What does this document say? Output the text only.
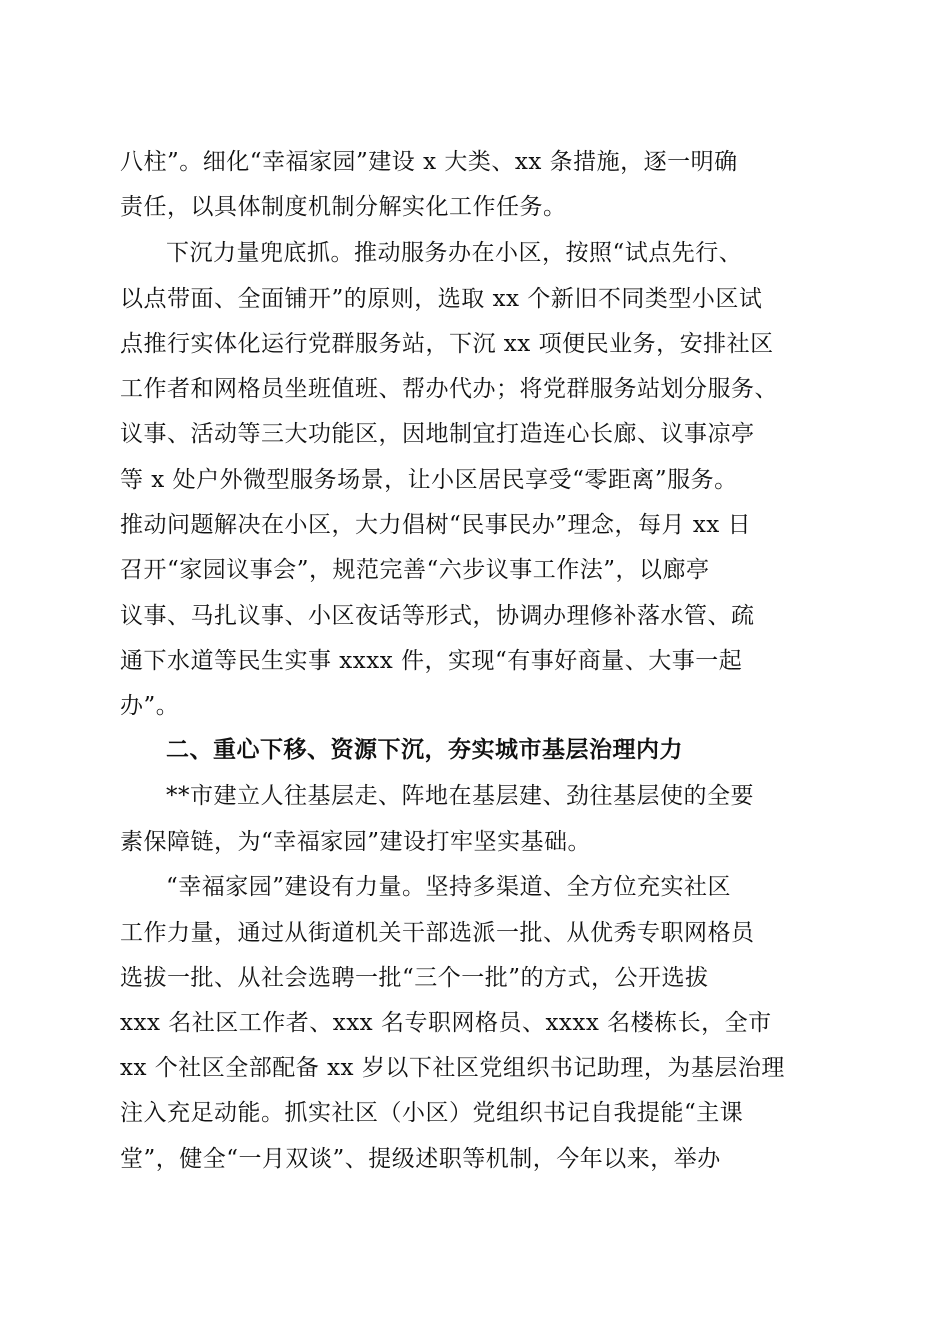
八柱”。细化“幸福家园”建设 x 大类、xx 条措施，逐一明确
责任，以具体制度机制分解实化工作任务。
下沉力量兜底抓。推动服务办在小区，按照“试点先行、
以点带面、全面铺开”的原则，选取 xx 个新旧不同类型小区试
点推行实体化运行党群服务站，下沉 xx 项便民业务，安排社区
工作者和网格员坐班值班、帮办代办；将党群服务站划分服务、
议事、活动等三大功能区，因地制宜打造连心长廊、议事凉亭
等 x 处户外微型服务场景，让小区居民享受“零距离”服务。
推动问题解决在小区，大力倡树“民事民办”理念，每月 xx 日
召开“家园议事会”，规范完善“六步议事工作法”，以廊亭
议事、马扎议事、小区夜话等形式，协调办理修补落水管、疏
通下水道等民生实事 xxxx 件，实现“有事好商量、大事一起
办”。
二、重心下移、资源下沉，夯实城市基层治理内力
**市建立人往基层走、阵地在基层建、劲往基层使的全要
素保障链，为“幸福家园”建设打牢坚实基础。
“幸福家园”建设有力量。坚持多渠道、全方位充实社区
工作力量，通过从街道机关干部选派一批、从优秀专职网格员
选拔一批、从社会选聘一批“三个一批”的方式，公开选拔
xxx 名社区工作者、xxx 名专职网格员、xxxx 名楼栋长，全市
xx 个社区全部配备 xx 岁以下社区党组织书记助理，为基层治理
注入充足动能。抓实社区（小区）党组织书记自我提能“主课
堂”，健全“一月双谈”、提级述职等机制，今年以来，举办
